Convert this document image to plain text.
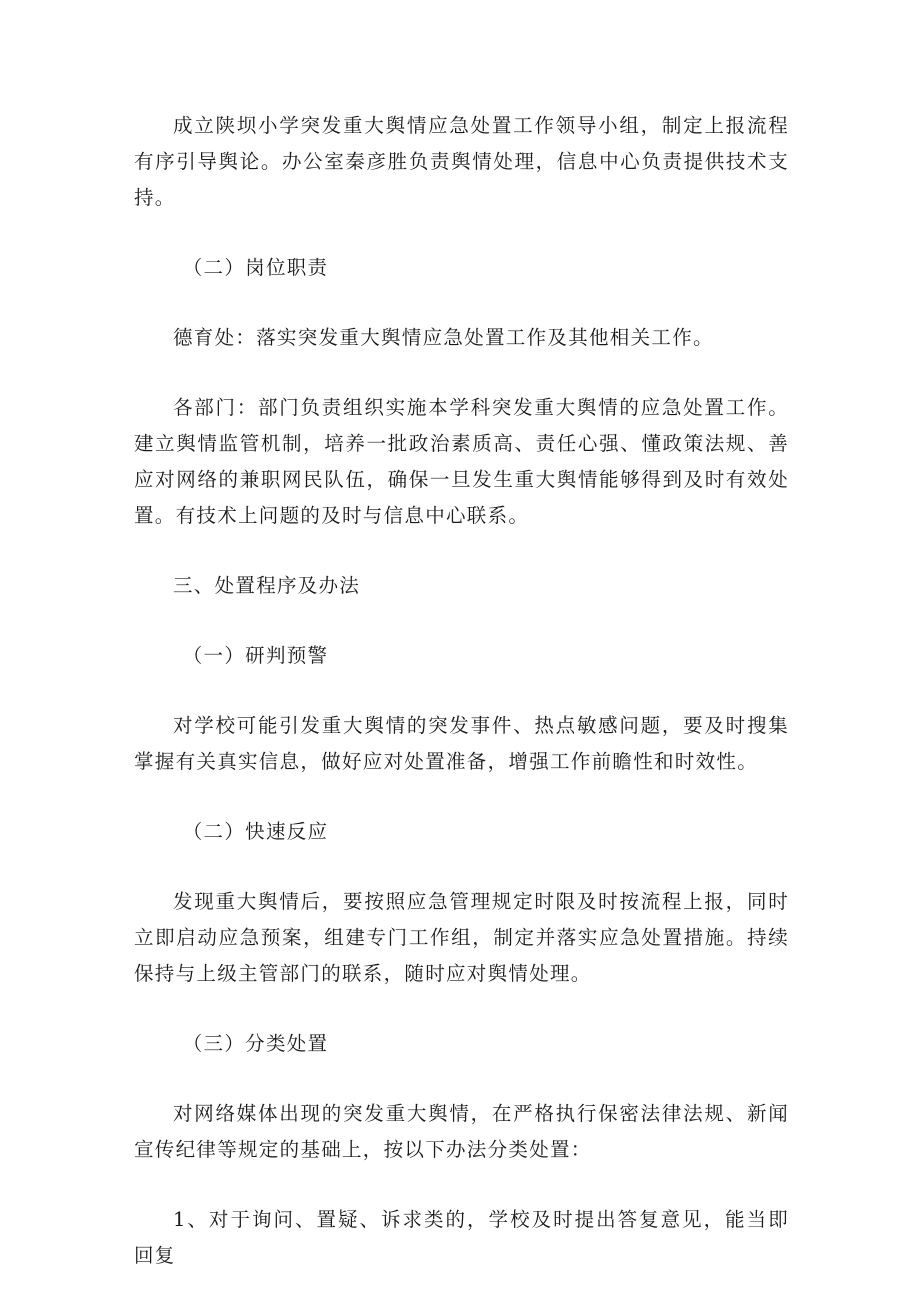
成立陕坝小学突发重大舆情应急处置工作领导小组，制定上报流程有序引导舆论。办公室秦彦胜负责舆情处理，信息中心负责提供技术支持。

（二）岗位职责

德育处：落实突发重大舆情应急处置工作及其他相关工作。

各部门：部门负责组织实施本学科突发重大舆情的应急处置工作。建立舆情监管机制，培养一批政治素质高、责任心强、懂政策法规、善应对网络的兼职网民队伍，确保一旦发生重大舆情能够得到及时有效处置。有技术上问题的及时与信息中心联系。

三、处置程序及办法

（一）研判预警

对学校可能引发重大舆情的突发事件、热点敏感问题，要及时搜集掌握有关真实信息，做好应对处置准备，增强工作前瞻性和时效性。

（二）快速反应

发现重大舆情后，要按照应急管理规定时限及时按流程上报，同时立即启动应急预案，组建专门工作组，制定并落实应急处置措施。持续保持与上级主管部门的联系，随时应对舆情处理。

（三）分类处置

对网络媒体出现的突发重大舆情，在严格执行保密法律法规、新闻宣传纪律等规定的基础上，按以下办法分类处置：

1、对于询问、置疑、诉求类的，学校及时提出答复意见，能当即回复
